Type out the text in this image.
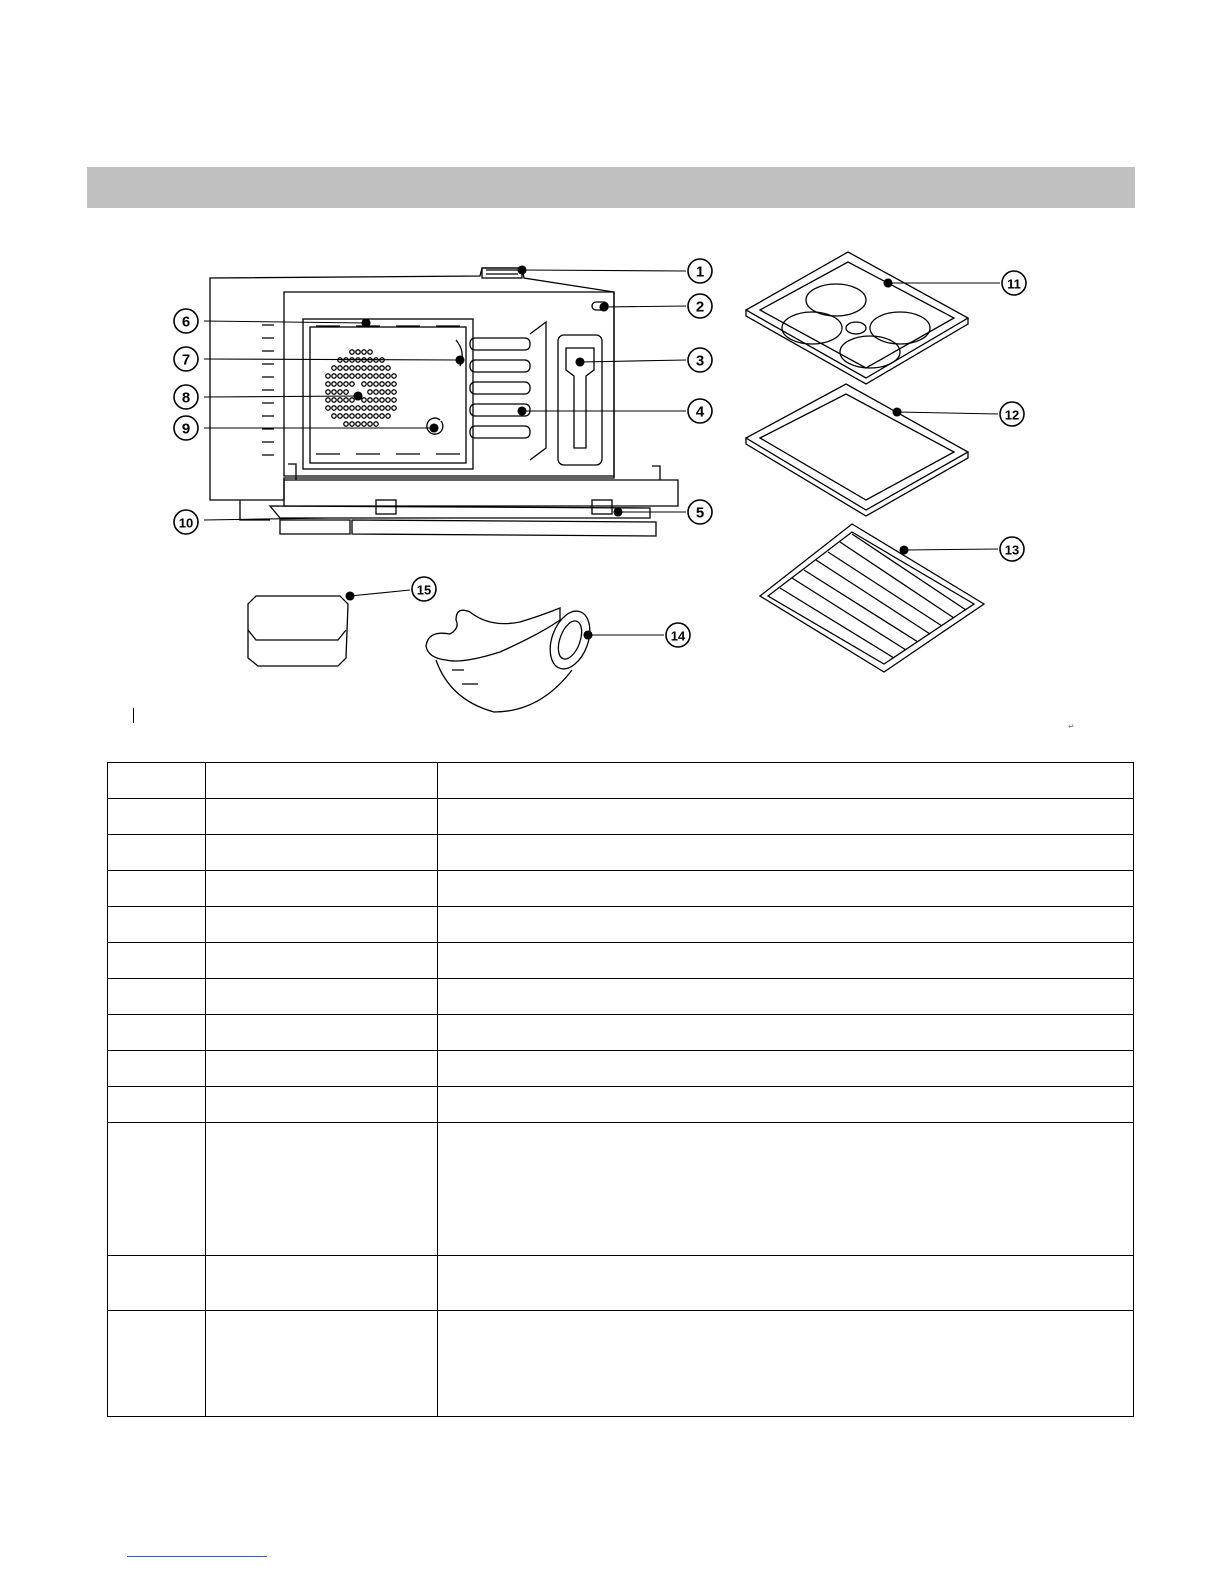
1
2
3
4
5
6
7
8
9
10
11
12
13
14
15
↵
